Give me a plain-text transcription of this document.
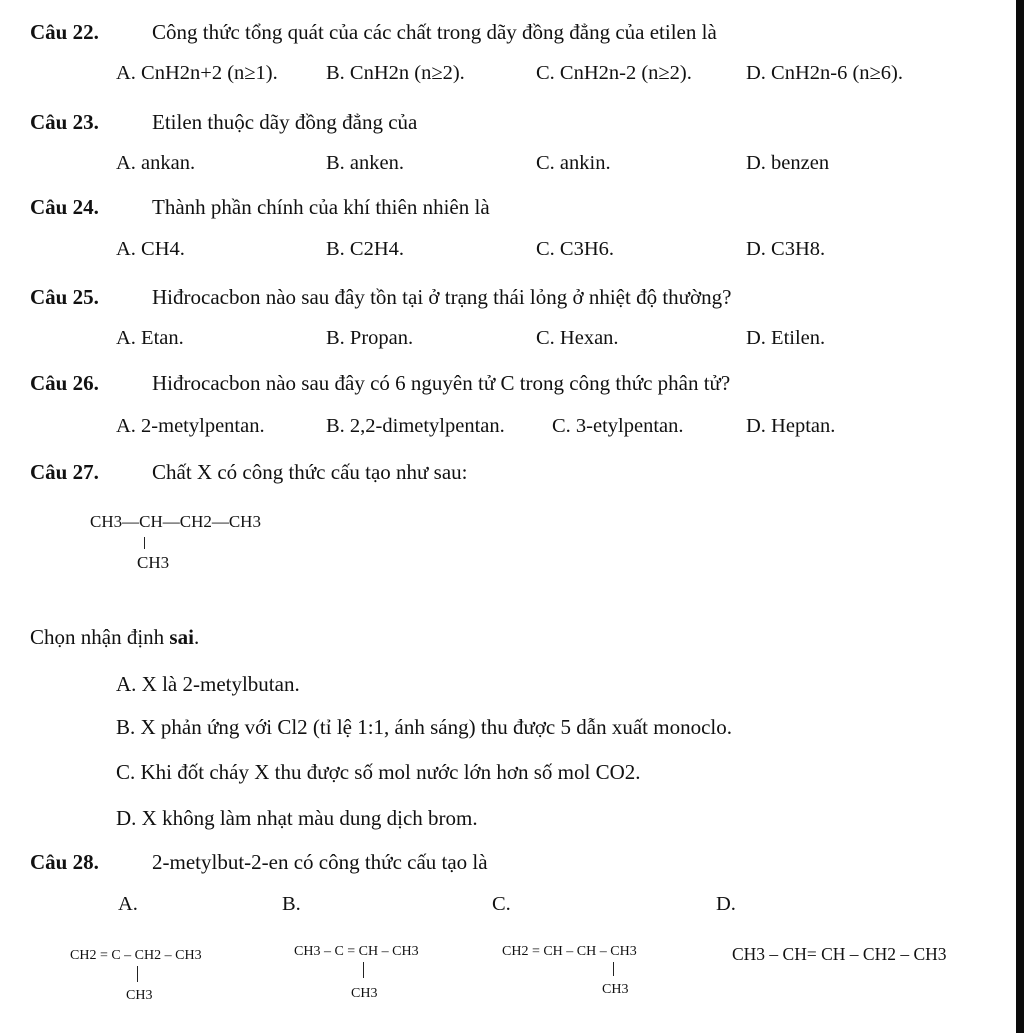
Câu 22.	Công thức tổng quát của các chất trong dãy đồng đẳng của etilen là
A. CnH2n+2 (n≥1). B. CnH2n (n≥2).	C. CnH2n-2 (n≥2).	D. CnH2n-6 (n≥6).
Câu 23.	Etilen thuộc dãy đồng đẳng của
A. ankan.	B. anken.	C. ankin.	D. benzen
Câu 24.	Thành phần chính của khí thiên nhiên là
A. CH4.	B. C2H4.	C. C3H6.	D. C3H8.
Câu 25.	Hiđrocacbon nào sau đây tồn tại ở trạng thái lỏng ở nhiệt độ thường?
A. Etan.	B. Propan.	C. Hexan.	D. Etilen.
Câu 26.	Hiđrocacbon nào sau đây có 6 nguyên tử C trong công thức phân tử?
A. 2-metylpentan.	B. 2,2-dimetylpentan. C. 3-etylpentan.	D. Heptan.
Câu 27.	Chất X có công thức cấu tạo như sau:
CH3—CH—CH2—CH3
CH3
Chọn nhận định sai.
A. X là 2-metylbutan.
B. X phản ứng với Cl2 (tỉ lệ 1:1, ánh sáng) thu được 5 dẫn xuất monoclo.
C. Khi đốt cháy X thu được số mol nước lớn hơn số mol CO2.
D. X không làm nhạt màu dung dịch brom.
Câu 28.	2-metylbut-2-en có công thức cấu tạo là
A.	B.	C.	D.
CH2 = C – CH2 – CH3
CH3
CH3 – C = CH – CH3
CH3
CH2 = CH – CH – CH3
CH3
CH3 – CH= CH – CH2 – CH3
